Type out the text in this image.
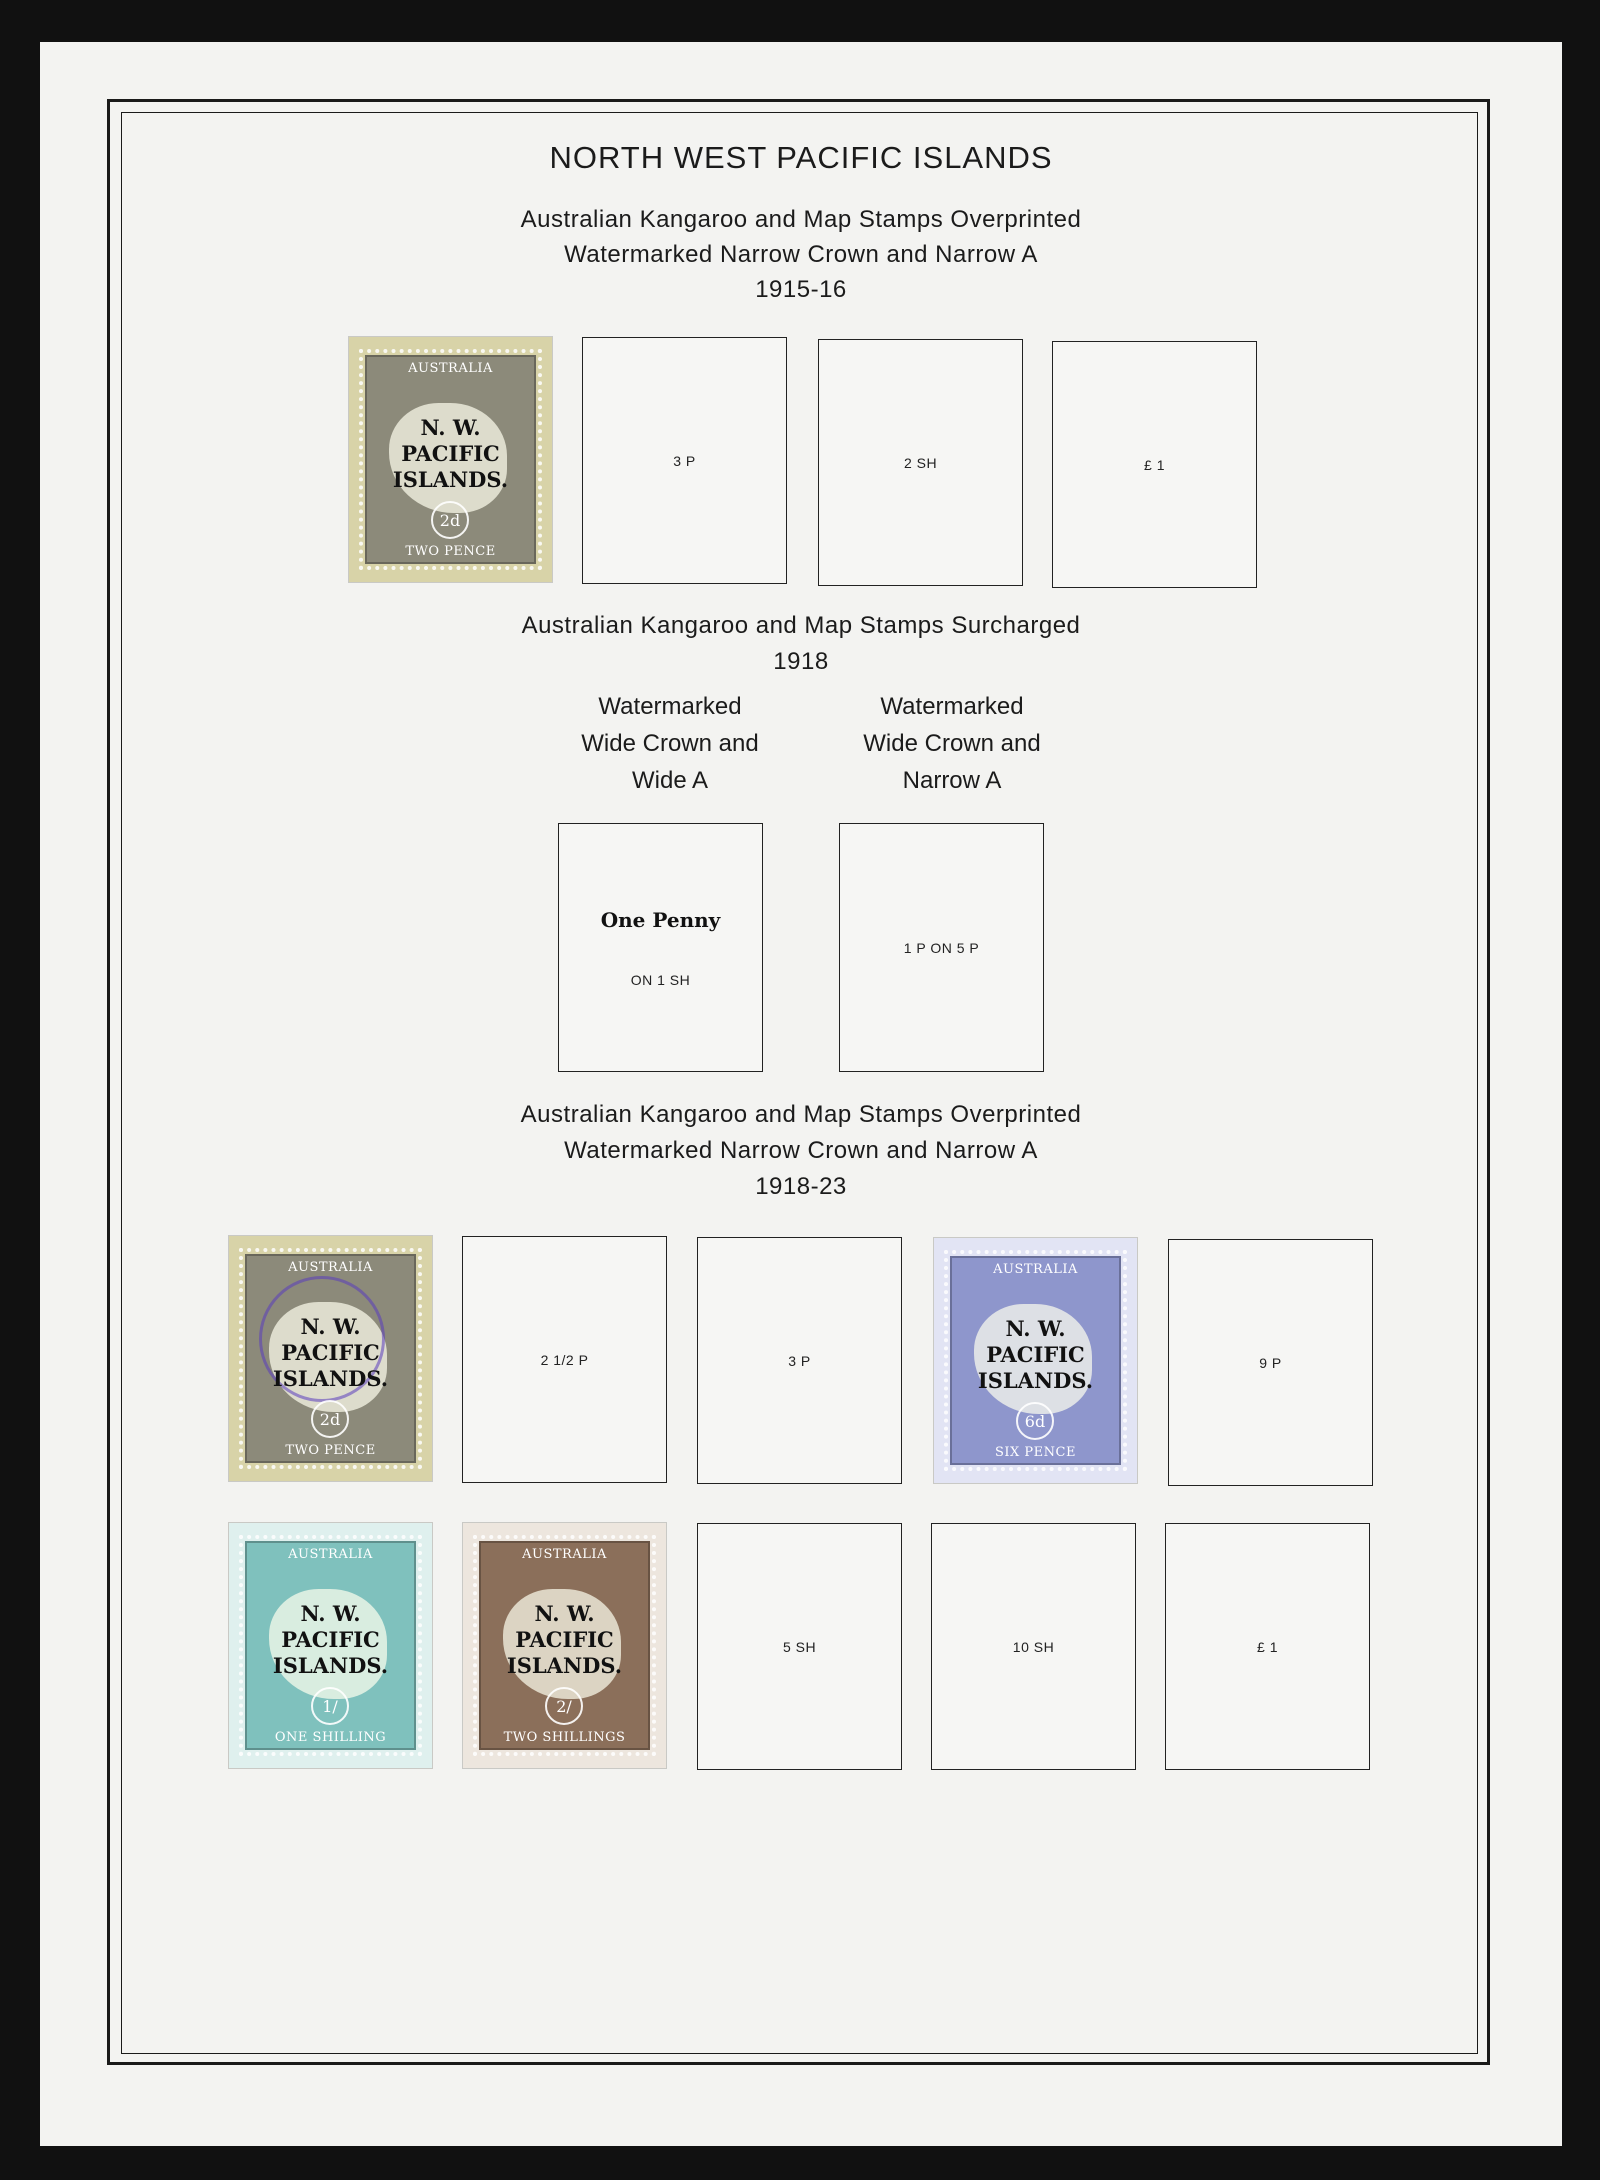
NORTH WEST PACIFIC ISLANDS
Australian Kangaroo and Map Stamps Overprinted
Watermarked Narrow Crown and Narrow A
1915-16
AUSTRALIA
N. W.
PACIFIC
ISLANDS.
2d
TWO PENCE
3 P	2 SH	£ 1
Australian Kangaroo and Map Stamps Surcharged
1918
Watermarked
Wide Crown and
Wide A
Watermarked
Wide Crown and
Narrow A
One Penny
ON 1 SH
1 P ON 5 P
Australian Kangaroo and Map Stamps Overprinted
Watermarked Narrow Crown and Narrow A
1918-23
AUSTRALIA
N. W.
PACIFIC
ISLANDS.
2d
TWO PENCE
2 1/2 P	3 P
AUSTRALIA
N. W.
PACIFIC
ISLANDS.
6d
SIX PENCE
9 P
AUSTRALIA
N. W.
PACIFIC
ISLANDS.
1/
ONE SHILLING
AUSTRALIA
N. W.
PACIFIC
ISLANDS.
2/
TWO SHILLINGS
5 SH	10 SH	£ 1
